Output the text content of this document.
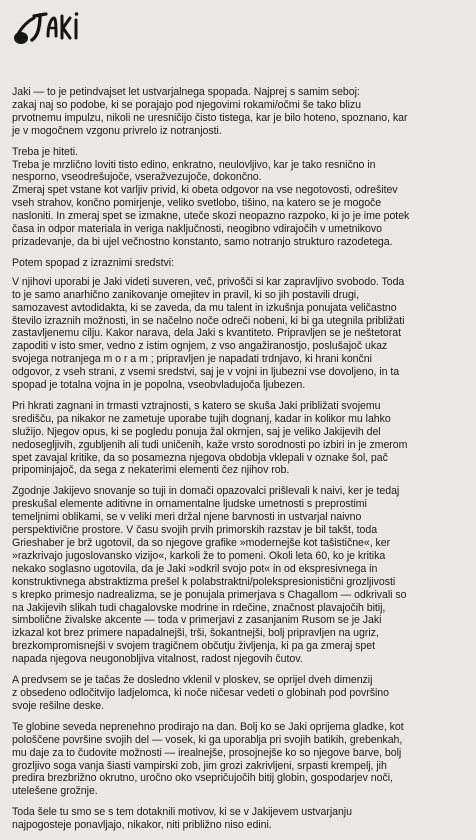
Jaki — to je petindvajset let ustvarjalnega spopada. Najprej s samim seboj:
zakaj naj so podobe, ki se porajajo pod njegovimi rokami/očmi še tako blizu
prvotnemu impulzu, nikoli ne uresničijo čisto tistega, kar je bilo hoteno, spoznano, kar
je v mogočnem vzgonu privrelo iz notranjosti.

Treba je hiteti.
Treba je mrzlično loviti tisto edino, enkratno, neulovljivo, kar je tako resnično in
nesporno, vseodrešujoče, vseražvezujoče, dokončno.
Zmeraj spet vstane kot varljiv privid, ki obeta odgovor na vse negotovosti, odrešitev
vseh strahov, končno pomirjenje, veliko svetlobo, tišino, na katero se je mogoče
nasloniti. In zmeraj spet se izmakne, uteče skozi neopazno razpoko, ki jo je ime potek
časa in odpor materiala in veriga naključnosti, neogibno vdirajočih v umetnikovo
prizadevanje, da bi ujel večnostno konstanto, samo notranjo strukturo razodetega.

Potem spopad z izraznimi sredstvi:

V njihovi uporabi je Jaki videti suveren, več, privošči si kar zapravljivo svobodo. Toda
to je samo anarhično zanikovanje omejitev in pravil, ki so jih postavili drugi,
samozavest avtodidakta, ki se zaveda, da mu talent in izkušnja ponujata veličastno
število izraznih možnosti, in se načelno noče odreči nobeni, ki bi ga utegnila približati
zastavljenemu cilju. Kakor narava, dela Jaki s kvantiteto. Pripravljen se je neštetorat
zapoditi v isto smer, vedno z istim ognjem, z vso angažiranostjo, poslušajoč ukaz
svojega notranjega m o r a m ; pripravljen je napadati trdnjavo, ki hrani končni
odgovor, z vseh strani, z vsemi sredstvi, saj je v vojni in ljubezni vse dovoljeno, in ta
spopad je totalna vojna in je popolna, vseobvladujoča ljubezen.

Pri hkrati zagnani in trmasti vztrajnosti, s katero se skuša Jaki približati svojemu
središču, pa nikakor ne zametuje uporabe tujih dognanj, kadar in kolikor mu lahko
služijo. Njegov opus, ki se pogledu ponuja žal okrnjen, saj je veliko Jakijevih del
nedosegljivih, zgubljenih ali tudi uničenih, kaže vrsto sorodnosti po izbiri in je zmerom
spet zavajal kritike, da so posamezna njegova obdobja vklepali v oznake šol, pač
pripominjajoč, da sega z nekaterimi elementi čez njihov rob.

Zgodnje Jakijevo snovanje so tuji in domači opazovalci prišlevali k naivi, ker je tedaj
preskušal elemente aditivne in ornamentalne ljudske umetnosti s preprostimi
temeljnimi oblikami, se v veliki meri držal njene barvnosti in ustvarjal naivno
perspektivične prostore. V času svojih prvih primorskih razstav je bil takšt, toda
Grieshaber je brž ugotovil, da so njegove grafike »modernejše kot tašističnе«, ker
»razkrivajo jugoslovansko vizijo«, karkoli že to pomeni. Okoli leta 60, ko je kritika
nekako soglasno ugotovila, da je Jaki »odkril svojo pot« in od ekspresivnega in
konstruktivnega abstraktizma prešel k polabstraktni/polekspresionistični grozljivosti
s krepko primesjo nadrealizma, se je ponujala primerjava s Chagallom — odkrivali so
na Jakijevih slikah tudi chagalovske modrine in rdečine, značnost plavajočih bitij,
simbolične živalske akcente — toda v primerjavi z zasanjanim Rusom se je Jaki
izkazal kot brez primere napadalnejši, trši, šokantnejši, bolj pripravljen na ugriz,
brezkompromisnejši v svojem tragičnem občutju življenja, ki pa ga zmeraj spet
napada njegova neugonobljiva vitalnost, radost njegovih čutov.

A predvsem se je tačas že dosledno vklenil v ploskev, se oprijel dveh dimenzij
z obsedeno odločitvijo ladjelomca, ki noče ničesar vedeti o globinah pod površino
svoje rešilne deske.

Te globine seveda neprenehno prodirajo na dan. Bolj ko se Jaki oprijema gladke, kot
pološčene površine svojih del — vosek, ki ga uporablja pri svojih batikih, grebenkah,
mu daje za to čudovite možnosti — irealnejše, prosojnejše ko so njegove barve, bolj
grozljivo soga vanja šiasti vampirski zob, jim grozi zakrivljeni, srpasti krempelj, jih
predira brezbrižno okrutno, uročno oko vsepričujočih bitij globin, gospodarjev noči,
utelešene grožnje.

Toda šele tu smo se s tem dotaknili motivov, ki se v Jakijevem ustvarjanju
najpogosteje ponavljajo, nikakor, niti približno niso edini.
